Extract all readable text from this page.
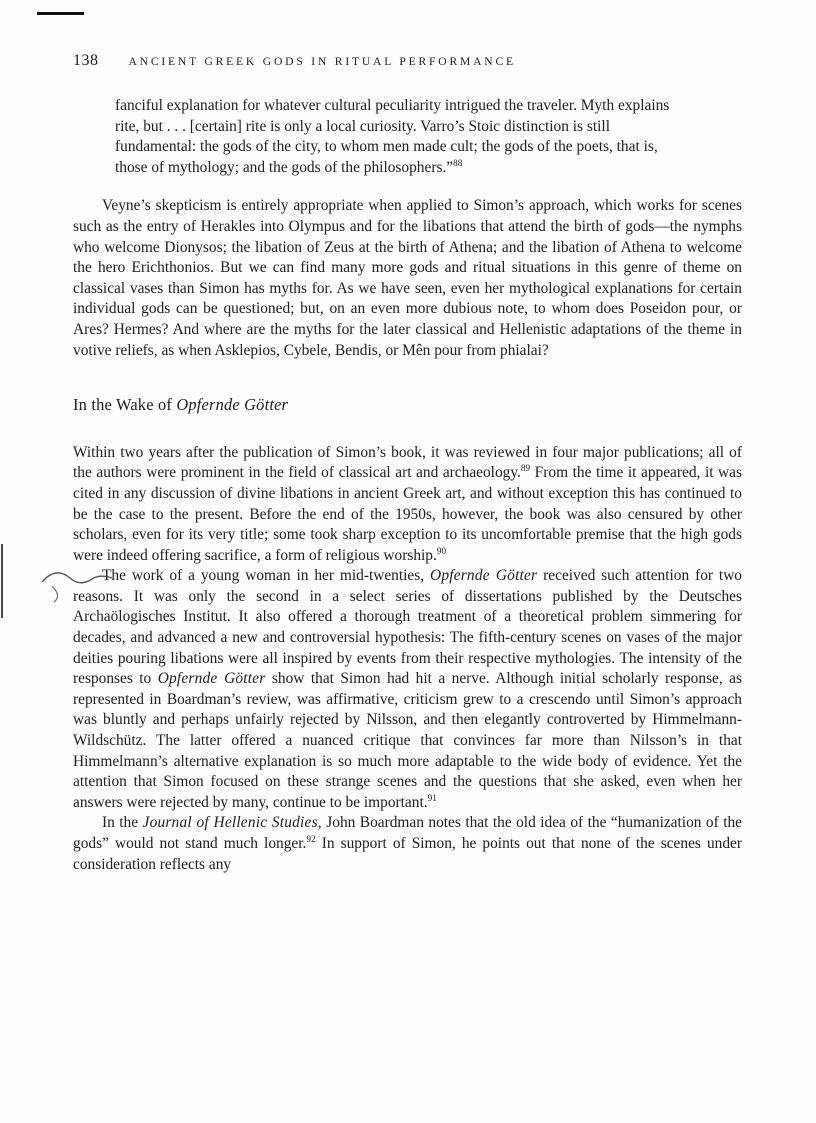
138	ANCIENT GREEK GODS IN RITUAL PERFORMANCE
fanciful explanation for whatever cultural peculiarity intrigued the traveler. Myth explains rite, but . . . [certain] rite is only a local curiosity. Varro’s Stoic distinction is still fundamental: the gods of the city, to whom men made cult; the gods of the poets, that is, those of mythology; and the gods of the philosophers.”$^{88}$

Veyne’s skepticism is entirely appropriate when applied to Simon’s approach, which works for scenes such as the entry of Herakles into Olympus and for the libations that attend the birth of gods—the nymphs who welcome Dionysos; the libation of Zeus at the birth of Athena; and the libation of Athena to welcome the hero Erichthonios. But we can find many more gods and ritual situations in this genre of theme on classical vases than Simon has myths for. As we have seen, even her mythological explanations for certain individual gods can be questioned; but, on an even more dubious note, to whom does Poseidon pour, or Ares? Hermes? And where are the myths for the later classical and Hellenistic adaptations of the theme in votive reliefs, as when Asklepios, Cybele, Bendis, or Mên pour from phialai?

In the Wake of Opfernde Götter

Within two years after the publication of Simon’s book, it was reviewed in four major publications; all of the authors were prominent in the field of classical art and archaeology.$^{89}$ From the time it appeared, it was cited in any discussion of divine libations in ancient Greek art, and without exception this has continued to be the case to the present. Before the end of the 1950s, however, the book was also censured by other scholars, even for its very title; some took sharp exception to its uncomfortable premise that the high gods were indeed offering sacrifice, a form of religious worship.$^{90}$

The work of a young woman in her mid-twenties, Opfernde Götter received such attention for two reasons. It was only the second in a select series of dissertations published by the Deutsches Archaölogisches Institut. It also offered a thorough treatment of a theoretical problem simmering for decades, and advanced a new and controversial hypothesis: The fifth-century scenes on vases of the major deities pouring libations were all inspired by events from their respective mythologies. The intensity of the responses to Opfernde Götter show that Simon had hit a nerve. Although initial scholarly response, as represented in Boardman’s review, was affirmative, criticism grew to a crescendo until Simon’s approach was bluntly and perhaps unfairly rejected by Nilsson, and then elegantly controverted by Himmelmann-Wildschütz. The latter offered a nuanced critique that convinces far more than Nilsson’s in that Himmelmann’s alternative explanation is so much more adaptable to the wide body of evidence. Yet the attention that Simon focused on these strange scenes and the questions that she asked, even when her answers were rejected by many, continue to be important.$^{91}$

In the Journal of Hellenic Studies, John Boardman notes that the old idea of the “humanization of the gods” would not stand much longer.$^{92}$ In support of Simon, he points out that none of the scenes under consideration reflects any
